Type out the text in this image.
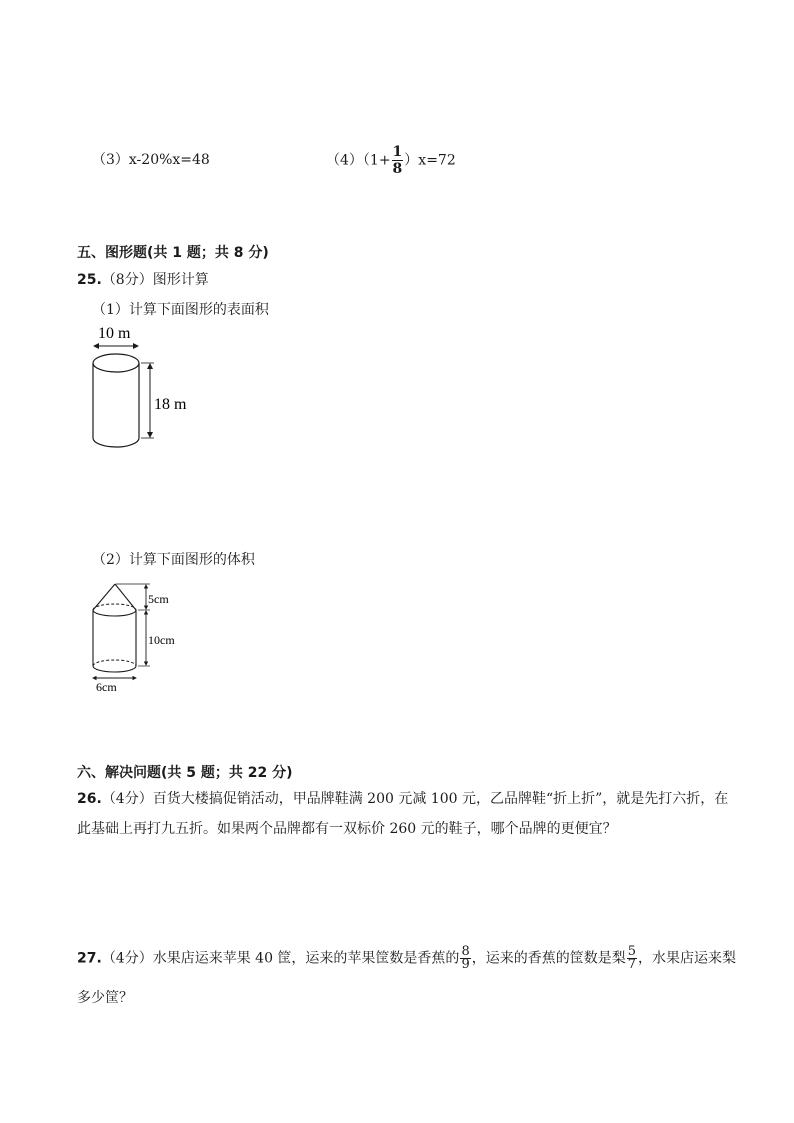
（3）x-20%x=48	$(4)(1+ \frac{1}{8} )x=72$
五、图形题(共 1 题；共 8 分)
25.（8分）图形计算
（1）计算下面图形的表面积
10 m
18 m
（2）计算下面图形的体积
5cm
10cm
6cm
六、解决问题(共 5 题；共 22 分)
26.（4分）百货大楼搞促销活动，甲品牌鞋满 200 元减 100 元，乙品牌鞋“折上折”，就是先打六折，在
此基础上再打九五折。如果两个品牌都有一双标价 260 元的鞋子，哪个品牌的更便宜？
27.（4分）水果店运来苹果 40 筐，运来的苹果筐数是香蕉的 $\frac{8}{9}$ ，运来的香蕉的筐数是梨 $\frac{5}{7}$ ，水果店运来梨
多少筐？
